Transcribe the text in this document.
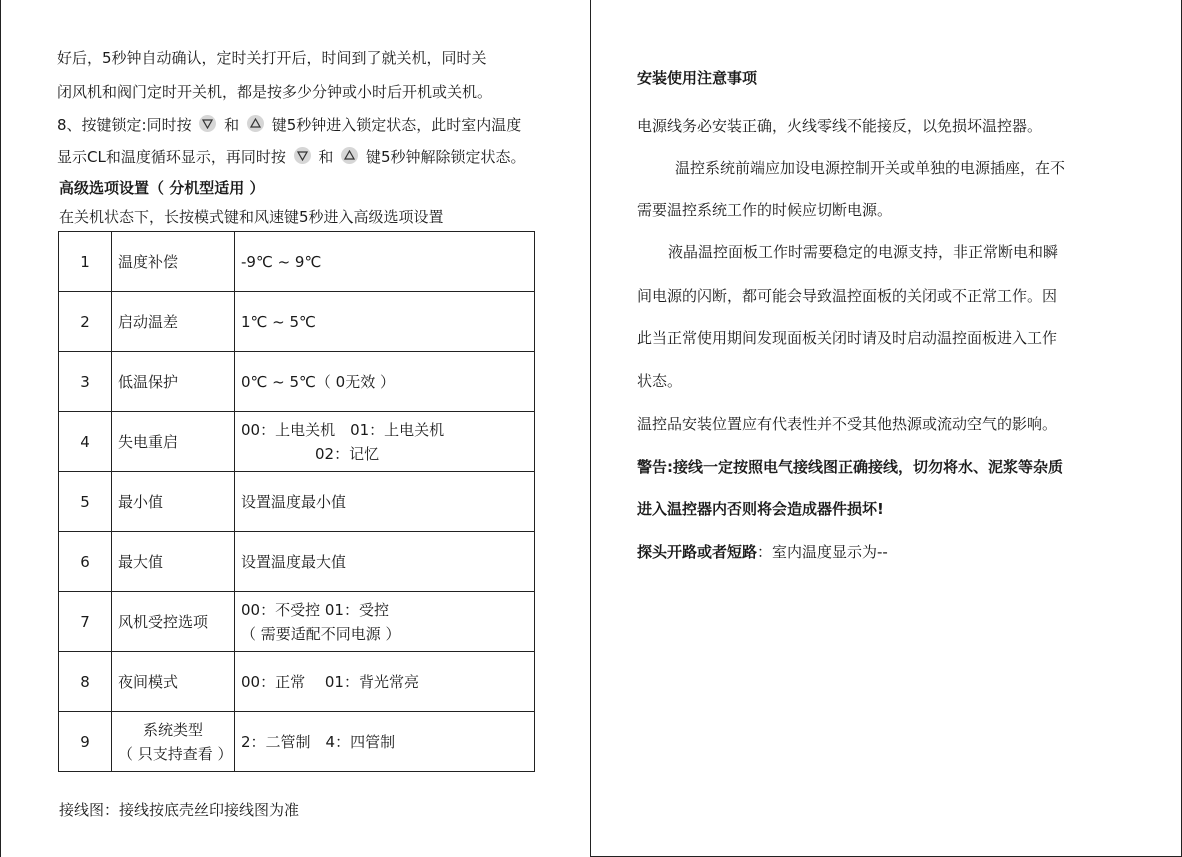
好后，5秒钟自动确认，定时关打开后，时间到了就关机，同时关
闭风机和阀门定时开关机，都是按多少分钟或小时后开机或关机。
8、按键锁定:同时按 和 键5秒钟进入锁定状态，此时室内温度
显示CL和温度循环显示，再同时按 和 键5秒钟解除锁定状态。
高级选项设置（ 分机型适用 ）
在关机状态下，长按模式键和风速键5秒进入高级选项设置
1	温度补偿	-9℃ ~ 9℃
2	启动温差	1℃ ~ 5℃
3	低温保护	0℃ ~ 5℃（ 0无效 ）
4	失电重启	00：上电关机　01：上电关机
02：记忆

5	最小值	设置温度最小值
6	最大值	设置温度最大值
7	风机受控选项	00：不受控 01：受控
（ 需要适配不同电源 ）

8	夜间模式	00：正常　 01：背光常亮
9	系统类型
（ 只支持查看 ）	2：二管制　4：四管制
接线图：接线按底壳丝印接线图为准
安装使用注意事项
电源线务必安装正确，火线零线不能接反，以免损坏温控器。
温控系统前端应加设电源控制开关或单独的电源插座，在不
需要温控系统工作的时候应切断电源。
液晶温控面板工作时需要稳定的电源支持，非正常断电和瞬
间电源的闪断，都可能会导致温控面板的关闭或不正常工作。因
此当正常使用期间发现面板关闭时请及时启动温控面板进入工作
状态。
温控品安装位置应有代表性并不受其他热源或流动空气的影响。
警告:接线一定按照电气接线图正确接线，切勿将水、泥浆等杂质
进入温控器内否则将会造成器件损坏!
探头开路或者短路：室内温度显示为--
